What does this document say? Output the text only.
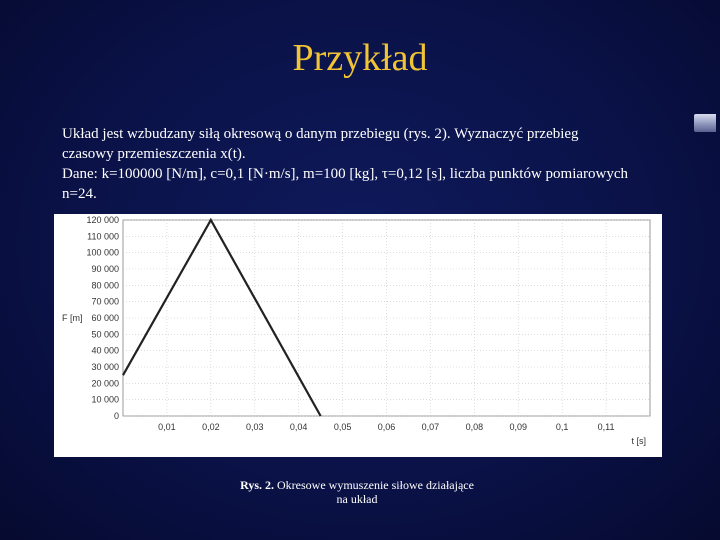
Przykład
Układ jest wzbudzany siłą okresową o danym przebiegu (rys. 2). Wyznaczyć przebieg
czasowy przemieszczenia x(t).
Dane: k=100000 [N/m], c=0,1 [N·m/s], m=100 [kg], τ=0,12 [s], liczba punktów pomiarowych
n=24.
0
10 000
20 000
30 000
40 000
50 000
60 000
70 000
80 000
90 000
100 000
110 000
120 000
0,01	0,02	0,03	0,04	0,05	0,06	0,07	0,08	0,09	0,1	0,11
F [m]
t [s]
Rys. 2. Okresowe wymuszenie siłowe działające
na układ
